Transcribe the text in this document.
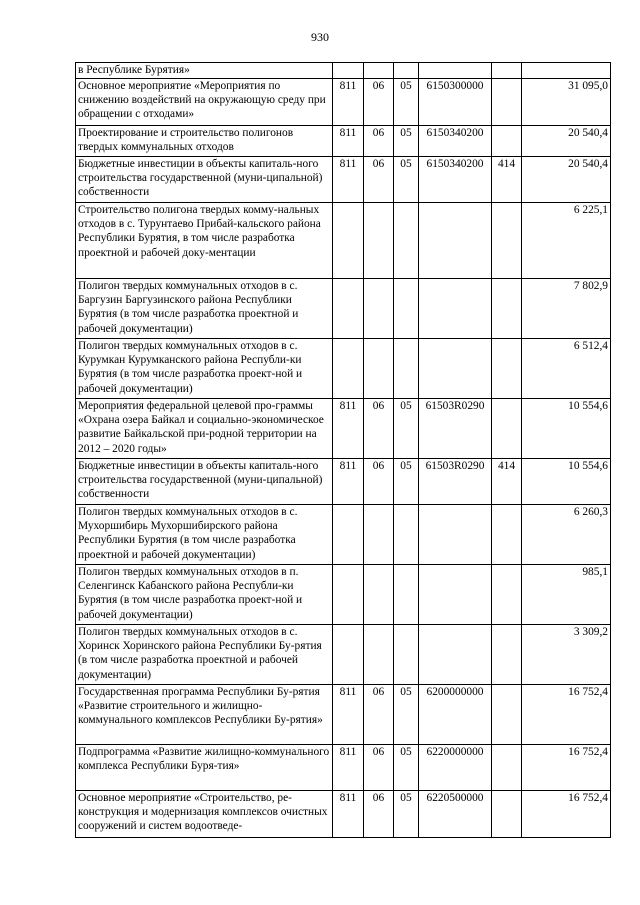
930
в Республике Бурятия»						
Основное мероприятие «Мероприятия по снижению воздействий на окружающую среду при обращении с отходами»	811	06	05	6150300000		31 095,0
Проектирование и строительство полигонов твердых коммунальных отходов	811	06	05	6150340200		20 540,4
Бюджетные инвестиции в объекты капиталь-ного строительства государственной (муни-ципальной) собственности	811	06	05	6150340200	414	20 540,4
Строительство полигона твердых комму-нальных отходов в с. Турунтаево Прибай-кальского района Республики Бурятия, в том числе разработка проектной и рабочей доку-ментации						6 225,1
Полигон твердых коммунальных отходов в с. Баргузин Баргузинского района Республики Бурятия (в том числе разработка проектной и рабочей документации)						7 802,9
Полигон твердых коммунальных отходов в с. Курумкан Курумканского района Республи-ки Бурятия (в том числе разработка проект-ной и рабочей документации)						6 512,4
Мероприятия федеральной целевой про-граммы «Охрана озера Байкал и социально-экономическое развитие Байкальской при-родной территории на 2012 – 2020 годы»	811	06	05	61503R0290		10 554,6
Бюджетные инвестиции в объекты капиталь-ного строительства государственной (муни-ципальной) собственности	811	06	05	61503R0290	414	10 554,6
Полигон твердых коммунальных отходов в с. Мухоршибирь Мухоршибирского района Республики Бурятия (в том числе разработка проектной и рабочей документации)						6 260,3
Полигон твердых коммунальных отходов в п. Селенгинск Кабанского района Республи-ки Бурятия (в том числе разработка проект-ной и рабочей документации)						985,1
Полигон твердых коммунальных отходов в с. Хоринск Хоринского района Республики Бу-рятия (в том числе разработка проектной и рабочей документации)						3 309,2
Государственная программа Республики Бу-рятия «Развитие строительного и жилищно-коммунального комплексов Республики Бу-рятия»	811	06	05	6200000000		16 752,4
Подпрограмма «Развитие жилищно-коммунального комплекса Республики Буря-тия»	811	06	05	6220000000		16 752,4
Основное мероприятие «Строительство, ре-конструкция и модернизация комплексов очистных сооружений и систем водоотведе-	811	06	05	6220500000		16 752,4
